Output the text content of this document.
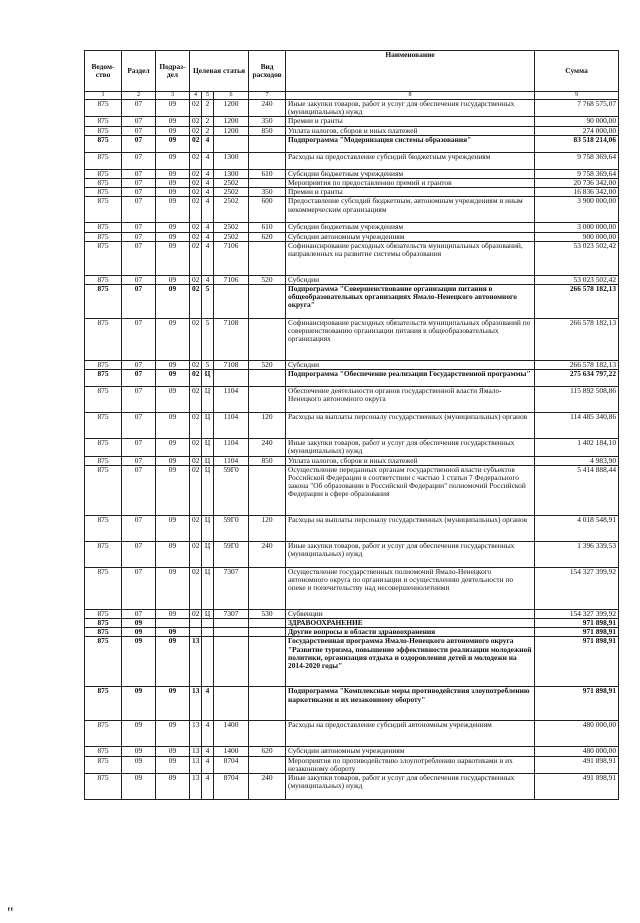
Ведом-ство	Раздел	Подраз-дел	Целевая статья			Вид расходов	Наименование	Сумма
1	2	3	4	5	6	7	8	9
875	07	09	02	2	1200	240	Иные закупки товаров, работ и услуг для обеспечения государственных (муниципальных) нужд	7 768 575,07
875	07	09	02	2	1200	350	Премии и гранты	90 000,00
875	07	09	02	2	1200	850	Уплата налогов, сборов и иных платежей	274 000,00
875	07	09	02	4			Подпрограмма "Модернизация системы образования"	83 518 214,06
875	07	09	02	4	1300		Расходы на предоставление субсидий бюджетным учреждениям	9 758 369,64
875	07	09	02	4	1300	610	Субсидии бюджетным учреждениям	9 758 369,64
875	07	09	02	4	2502		Мероприятия по предоставлению премий и грантов	20 736 342,00
875	07	09	02	4	2502	350	Премии и гранты	16 836 342,00
875	07	09	02	4	2502	600	Предоставление субсидий бюджетным, автономным учреждениям и иным некоммерческим организациям	3 900 000,00
875	07	09	02	4	2502	610	Субсидии бюджетным учреждениям	3 000 000,00
875	07	09	02	4	2502	620	Субсидии автономным учреждениям	900 000,00
875	07	09	02	4	7106		Софинансирование расходных обязательств муниципальных образований, направленных на развитие системы образования	53 023 502,42
875	07	09	02	4	7106	520	Субсидии	53 023 502,42
875	07	09	02	5			Подпрограмма "Совершенствование организации питания в общеобразовательных организациях Ямало-Ненецкого автономного округа"	266 578 182,13
875	07	09	02	5	7108		Софинансирование расходных обязательств муниципальных образований по совершенствованию организации питания в общеобразовательных организациях	266 578 182,13
875	07	09	02	5	7108	520	Субсидии	266 578 182,13
875	07	09	02	Ц			Подпрограмма "Обеспечение реализации Государственной программы"	275 634 797,22
875	07	09	02	Ц	1104		Обеспечение деятельности органов государственной власти Ямало-Ненецкого автономного округа	115 892 508,86
875	07	09	02	Ц	1104	120	Расходы на выплаты персоналу государственных (муниципальных) органов	114 485 340,86
875	07	09	02	Ц	1104	240	Иные закупки товаров, работ и услуг для обеспечения государственных (муниципальных) нужд	1 402 184,10
875	07	09	02	Ц	1104	850	Уплата налогов, сборов и иных платежей	4 983,90
875	07	09	02	Ц	59Г0		Осуществление переданных органам государственной власти субъектов Российской Федерации в соответствии с частью 1 статьи 7 Федерального закона "Об образовании в Российской Федерации" полномочий Российской Федерации в сфере образования	5 414 888,44
875	07	09	02	Ц	59Г0	120	Расходы на выплаты персоналу государственных (муниципальных) органов	4 018 548,91
875	07	09	02	Ц	59Г0	240	Иные закупки товаров, работ и услуг для обеспечения государственных (муниципальных) нужд	1 396 339,53
875	07	09	02	Ц	7307		Осуществление государственных полномочий Ямало-Ненецкого автономного округа по организации и осуществлению деятельности по опеке и попечительству над несовершеннолетними	154 327 399,92
875	07	09	02	Ц	7307	530	Субвенции	154 327 399,92
875	09						ЗДРАВООХРАНЕНИЕ	971 898,91
875	09	09					Другие вопросы в области здравоохранения	971 898,91
875	09	09	13				Государственная программа Ямало-Ненецкого автономного округа "Развитие туризма, повышение эффективности реализации молодежной политики, организация отдыха и оздоровления детей и молодежи на 2014-2020 годы"	971 898,91
875	09	09	13	4			Подпрограмма "Комплексные меры противодействия злоупотреблению наркотиками и их незаконному обороту"	971 898,91
875	09	09	13	4	1400		Расходы на предоставление субсидий автономным учреждениям	480 000,00
875	09	09	13	4	1400	620	Субсидии автономным учреждениям	480 000,00
875	09	09	13	4	8704		Мероприятия по противодействию злоупотреблению наркотиками и их незаконному обороту	491 898,91
875	09	09	13	4	8704	240	Иные закупки товаров, работ и услуг для обеспечения государственных (муниципальных) нужд	491 898,91
"
